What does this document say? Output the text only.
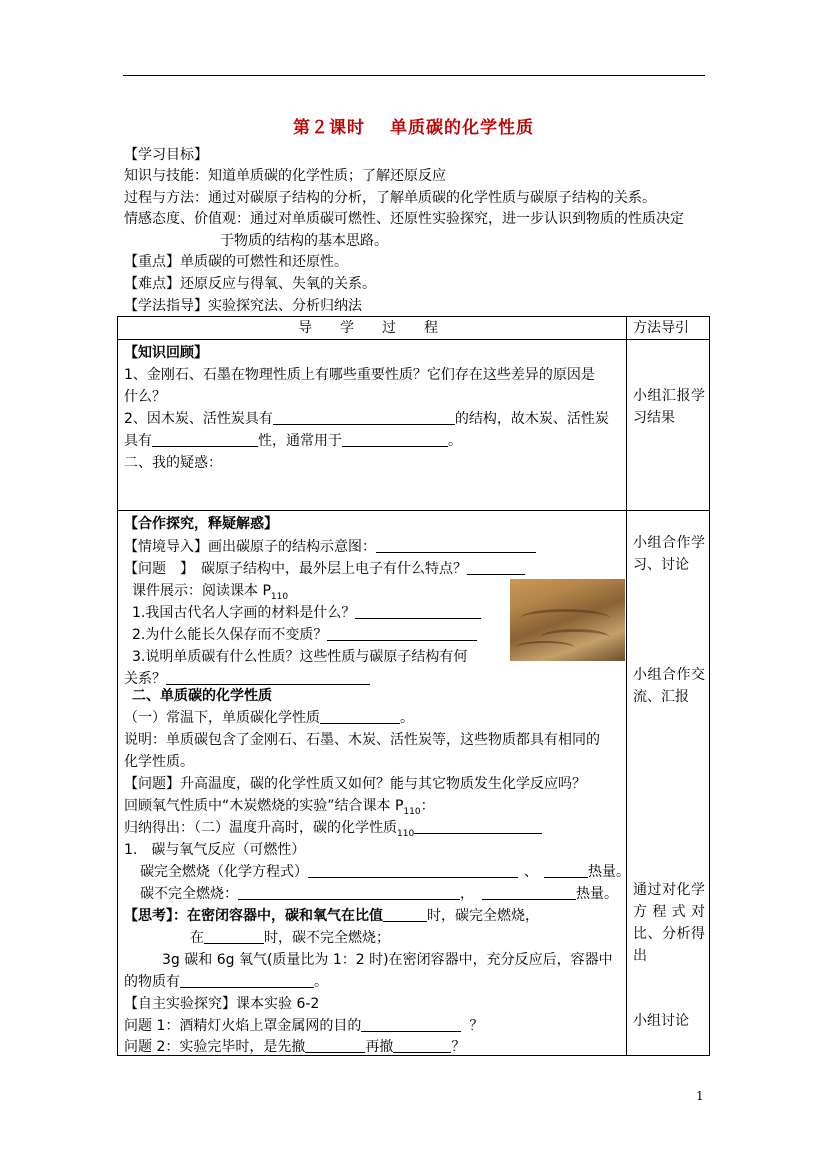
第２课时　 单质碳的化学性质
【学习目标】
知识与技能：知道单质碳的化学性质；了解还原反应
过程与方法：通过对碳原子结构的分析，了解单质碳的化学性质与碳原子结构的关系。
情感态度、价值观：通过对单质碳可燃性、还原性实验探究，进一步认识到物质的性质决定
于物质的结构的基本思路。
【重点】单质碳的可燃性和还原性。
【难点】还原反应与得氧、失氧的关系。
【学法指导】实验探究法、分析归纳法
导　　学　　过　　程	方法导引
【知识回顾】
1、金刚石、石墨在物理性质上有哪些重要性质？它们存在这些差异的原因是
什么？
2、因木炭、活性炭具有	的结构，故木炭、活性炭
具有	性，通常用于	。
二、我的疑惑：
小组汇报学习结果
【合作探究，释疑解惑】
【情境导入】画出碳原子的结构示意图：
【问题　】　碳原子结构中，最外层上电子有什么特点？
课件展示：阅读课本 $P_{110}$
1.我国古代名人字画的材料是什么？
2.为什么能长久保存而不变质？
3.说明单质碳有什么性质？这些性质与碳原子结构有何
关系？
小组合作学习、讨论
小组合作交流、汇报
二、单质碳的化学性质
（一）常温下，单质碳化学性质	。
说明：单质碳包含了金刚石、石墨、木炭、活性炭等，这些物质都具有相同的
化学性质。
【问题】升高温度，碳的化学性质又如何？能与其它物质发生化学反应吗？
回顾氧气性质中“木炭燃烧的实验”结合课本 $P_{110}$：
归纳得出：（二）温度升高时，碳的化学性质$_{110}$
1.　碳与氧气反应（可燃性）
碳完全燃烧（化学方程式）	、	热量。
碳不完全燃烧：	，	热量。
【思考】：在密闭容器中，碳和氧气在比值	时，碳完全燃烧，
在	时，碳不完全燃烧；
3g 碳和 6g 氧气(质量比为 1：2 时)在密闭容器中，充分反应后，容器中
的物质有	。
通过对化学方程式对比、分析得出
【自主实验探究】课本实验 6-2
问题 1：酒精灯火焰上罩金属网的目的	？
问题 2：实验完毕时，是先撤	再撤	？
小组讨论
1
